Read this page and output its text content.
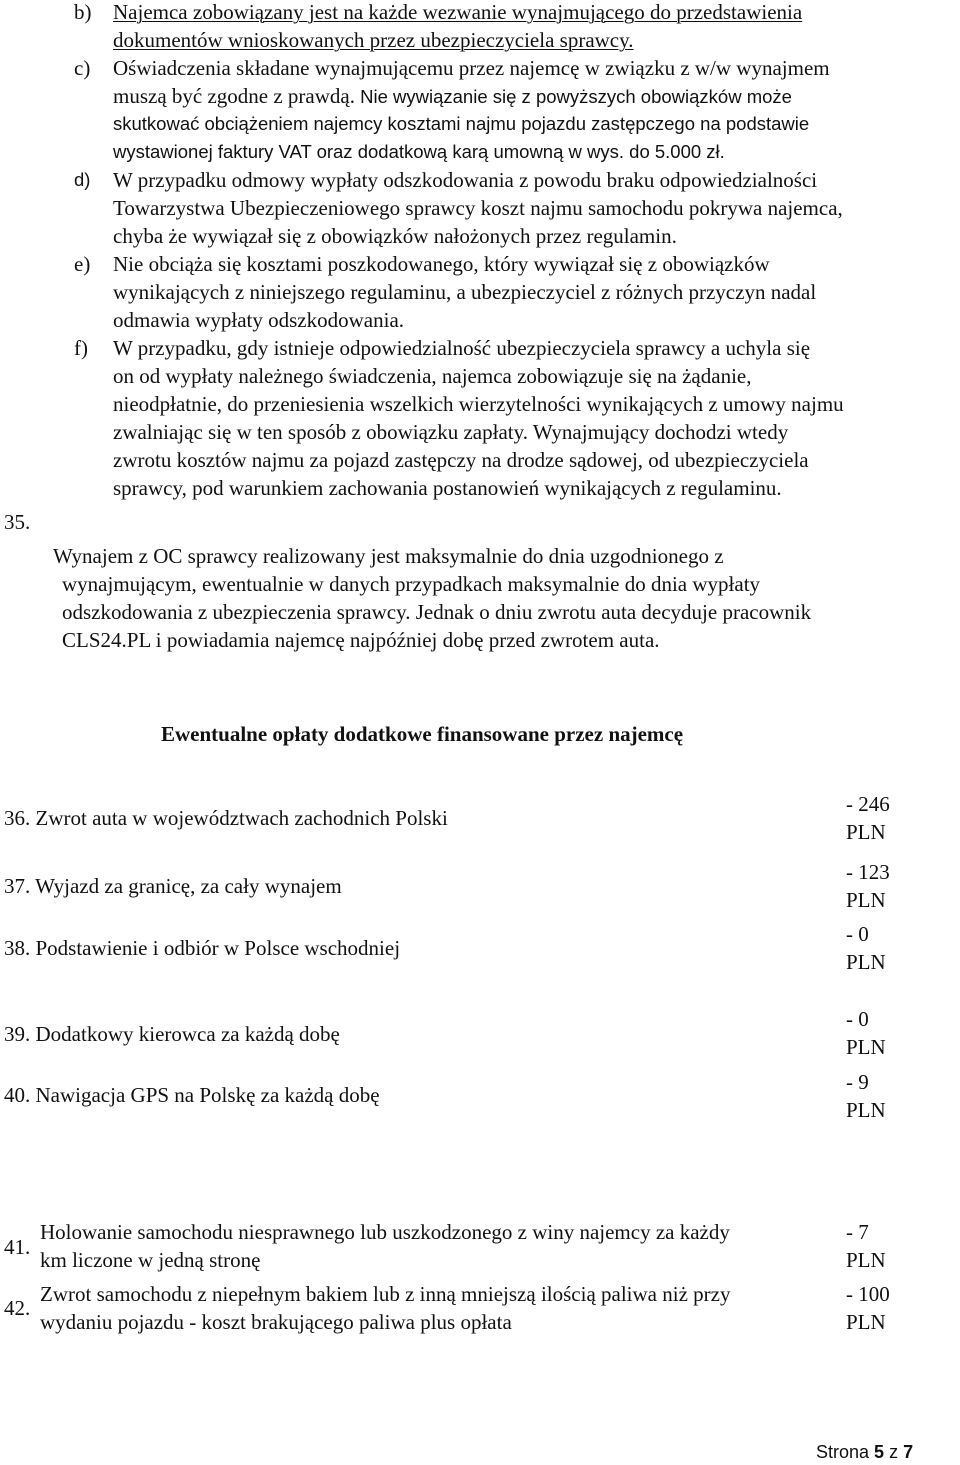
b) Najemca zobowiązany jest na każde wezwanie wynajmującego do przedstawienia
dokumentów wnioskowanych przez ubezpieczyciela sprawcy.
c) Oświadczenia składane wynajmującemu przez najemcę w związku z w/w wynajmem
muszą być zgodne z prawdą. Nie wywiązanie się z powyższych obowiązków może
skutkować obciążeniem najemcy kosztami najmu pojazdu zastępczego na podstawie
wystawionej faktury VAT oraz dodatkową karą umowną w wys. do 5.000 zł.
d) W przypadku odmowy wypłaty odszkodowania z powodu braku odpowiedzialności
Towarzystwa Ubezpieczeniowego sprawcy koszt najmu samochodu pokrywa najemca,
chyba że wywiązał się z obowiązków nałożonych przez regulamin.
e) Nie obciąża się kosztami poszkodowanego, który wywiązał się z obowiązków
wynikających z niniejszego regulaminu, a ubezpieczyciel z różnych przyczyn nadal
odmawia wypłaty odszkodowania.
f) W przypadku, gdy istnieje odpowiedzialność ubezpieczyciela sprawcy a uchyla się
on od wypłaty należnego świadczenia, najemca zobowiązuje się na żądanie,
nieodpłatnie, do przeniesienia wszelkich wierzytelności wynikających z umowy najmu
zwalniając się w ten sposób z obowiązku zapłaty. Wynajmujący dochodzi wtedy
zwrotu kosztów najmu za pojazd zastępczy na drodze sądowej, od ubezpieczyciela
sprawcy, pod warunkiem zachowania postanowień wynikających z regulaminu.
35.
Wynajem z OC sprawcy realizowany jest maksymalnie do dnia uzgodnionego z
wynajmującym, ewentualnie w danych przypadkach maksymalnie do dnia wypłaty
odszkodowania z ubezpieczenia sprawcy. Jednak o dniu zwrotu auta decyduje pracownik
CLS24.PL i powiadamia najemcę najpóźniej dobę przed zwrotem auta.
Ewentualne opłaty dodatkowe finansowane przez najemcę
36. Zwrot auta w województwach zachodnich Polski
- 246
PLN
37. Wyjazd za granicę, za cały wynajem
- 123
PLN
38. Podstawienie i odbiór w Polsce wschodniej
- 0
PLN
39. Dodatkowy kierowca za każdą dobę
- 0
PLN
40. Nawigacja GPS na Polskę za każdą dobę
- 9
PLN
41.
Holowanie samochodu niesprawnego lub uszkodzonego z winy najemcy za każdy
km liczone w jedną stronę
- 7
PLN
42.
Zwrot samochodu z niepełnym bakiem lub z inną mniejszą ilością paliwa niż przy
wydaniu pojazdu - koszt brakującego paliwa plus opłata
- 100
PLN
Strona 5 z 7
